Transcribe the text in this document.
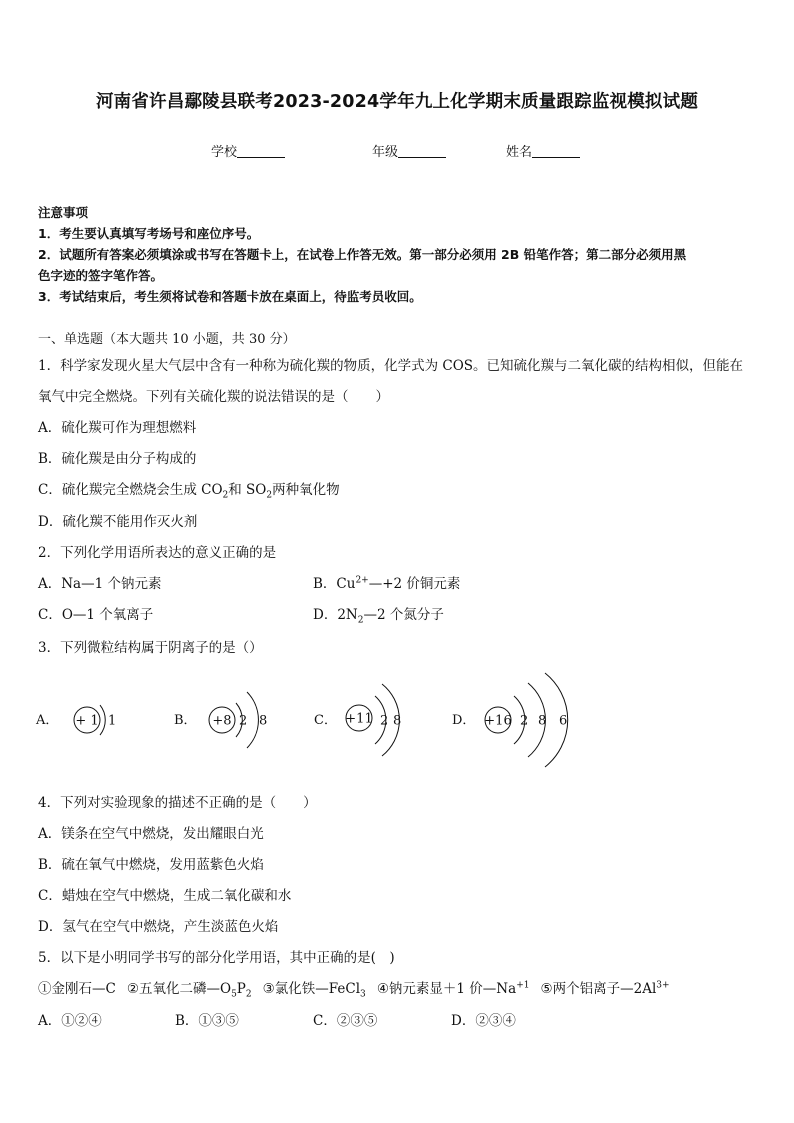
河南省许昌鄢陵县联考2023-2024学年九上化学期末质量跟踪监视模拟试题
学校	年级	姓名
注意事项
1．考生要认真填写考场号和座位序号。
2．试题所有答案必须填涂或书写在答题卡上，在试卷上作答无效。第一部分必须用 2B 铅笔作答；第二部分必须用黑
色字迹的签字笔作答。
3．考试结束后，考生须将试卷和答题卡放在桌面上，待监考员收回。
一、单选题（本大题共 10 小题，共 30 分）
1．科学家发现火星大气层中含有一种称为硫化羰的物质，化学式为 COS。已知硫化羰与二氧化碳的结构相似，但能在
氧气中完全燃烧。下列有关硫化羰的说法错误的是（　　）
A．硫化羰可作为理想燃料
B．硫化羰是由分子构成的
C．硫化羰完全燃烧会生成 $CO_2$和 $SO_2$两种氧化物
D．硫化羰不能用作灭火剂
2．下列化学用语所表达的意义正确的是
A．Na—1 个钠元素	B．$Cu^{2+}—+2$ 价铜元素
C．O—1 个氧离子	D．$2N_2—2$ 个氮分子
3．下列微粒结构属于阴离子的是（）
A． + 1 1	B． +8 2 8	C． +11 2 8	D． +16 2 8 6
4．下列对实验现象的描述不正确的是（　　）
A．镁条在空气中燃烧，发出耀眼白光
B．硫在氧气中燃烧，发用蓝紫色火焰
C．蜡烛在空气中燃烧，生成二氧化碳和水
D．氢气在空气中燃烧，产生淡蓝色火焰
5．以下是小明同学书写的部分化学用语，其中正确的是(　)
①金刚石—C  ②五氧化二磷$—O_5P_2$  ③氯化铁—FeCl$_3$  ④钠元素显＋1 价$—Na^{+1}$  ⑤两个铝离子$—2Al^{3+}$
A．①②④	B．①③⑤	C．②③⑤	D．②③④
